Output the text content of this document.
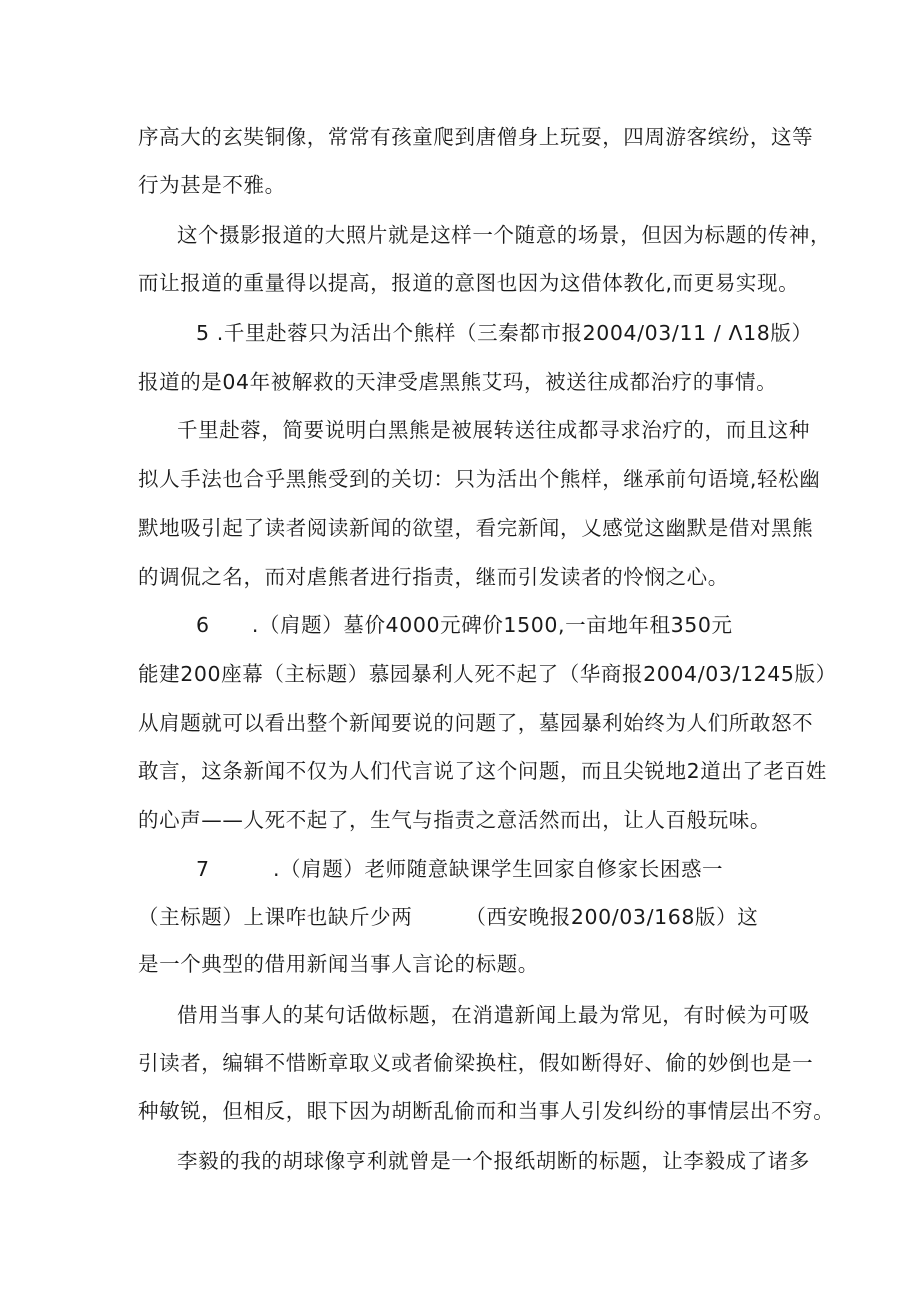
序高大的玄奘铜像，常常有孩童爬到唐僧身上玩耍，四周游客缤纷，这等
行为甚是不雅。
这个摄影报道的大照片就是这样一个随意的场景，但因为标题的传神，
而让报道的重量得以提高，报道的意图也因为这借体教化,而更易实现。
5 .千里赴蓉只为活出个熊样（三秦都市报2004/03/11 / Λ18版）
报道的是04年被解救的天津受虐黑熊艾玛，被送往成都治疗的事情。
千里赴蓉，简要说明白黑熊是被展转送往成都寻求治疗的，而且这种
拟人手法也合乎黑熊受到的关切：只为活出个熊样，继承前句语境,轻松幽
默地吸引起了读者阅读新闻的欲望，看完新闻，乂感觉这幽默是借对黑熊
的调侃之名，而对虐熊者进行指责，继而引发读者的怜悯之心。
6　　.（肩题）墓价4000元碑价1500,一亩地年租350元
能建200座幕（主标题）慕园暴利人死不起了（华商报2004/03/1245版）
从肩题就可以看出整个新闻要说的问题了，墓园暴利始终为人们所敢怒不
敢言，这条新闻不仅为人们代言说了这个问题，而且尖锐地2道出了老百姓
的心声——人死不起了，生气与指责之意活然而出，让人百般玩味。
7　　　.（肩题）老师随意缺课学生回家自修家长困惑一
（主标题）上课咋也缺斤少两　　　（西安晚报200/03/168版）这
是一个典型的借用新闻当事人言论的标题。
借用当事人的某句话做标题，在消遣新闻上最为常见，有时候为可吸
引读者，编辑不惜断章取义或者偷梁换柱，假如断得好、偷的妙倒也是一
种敏锐，但相反，眼下因为胡断乱偷而和当事人引发纠纷的事情层出不穷。
李毅的我的胡球像亨利就曾是一个报纸胡断的标题，让李毅成了诸多
